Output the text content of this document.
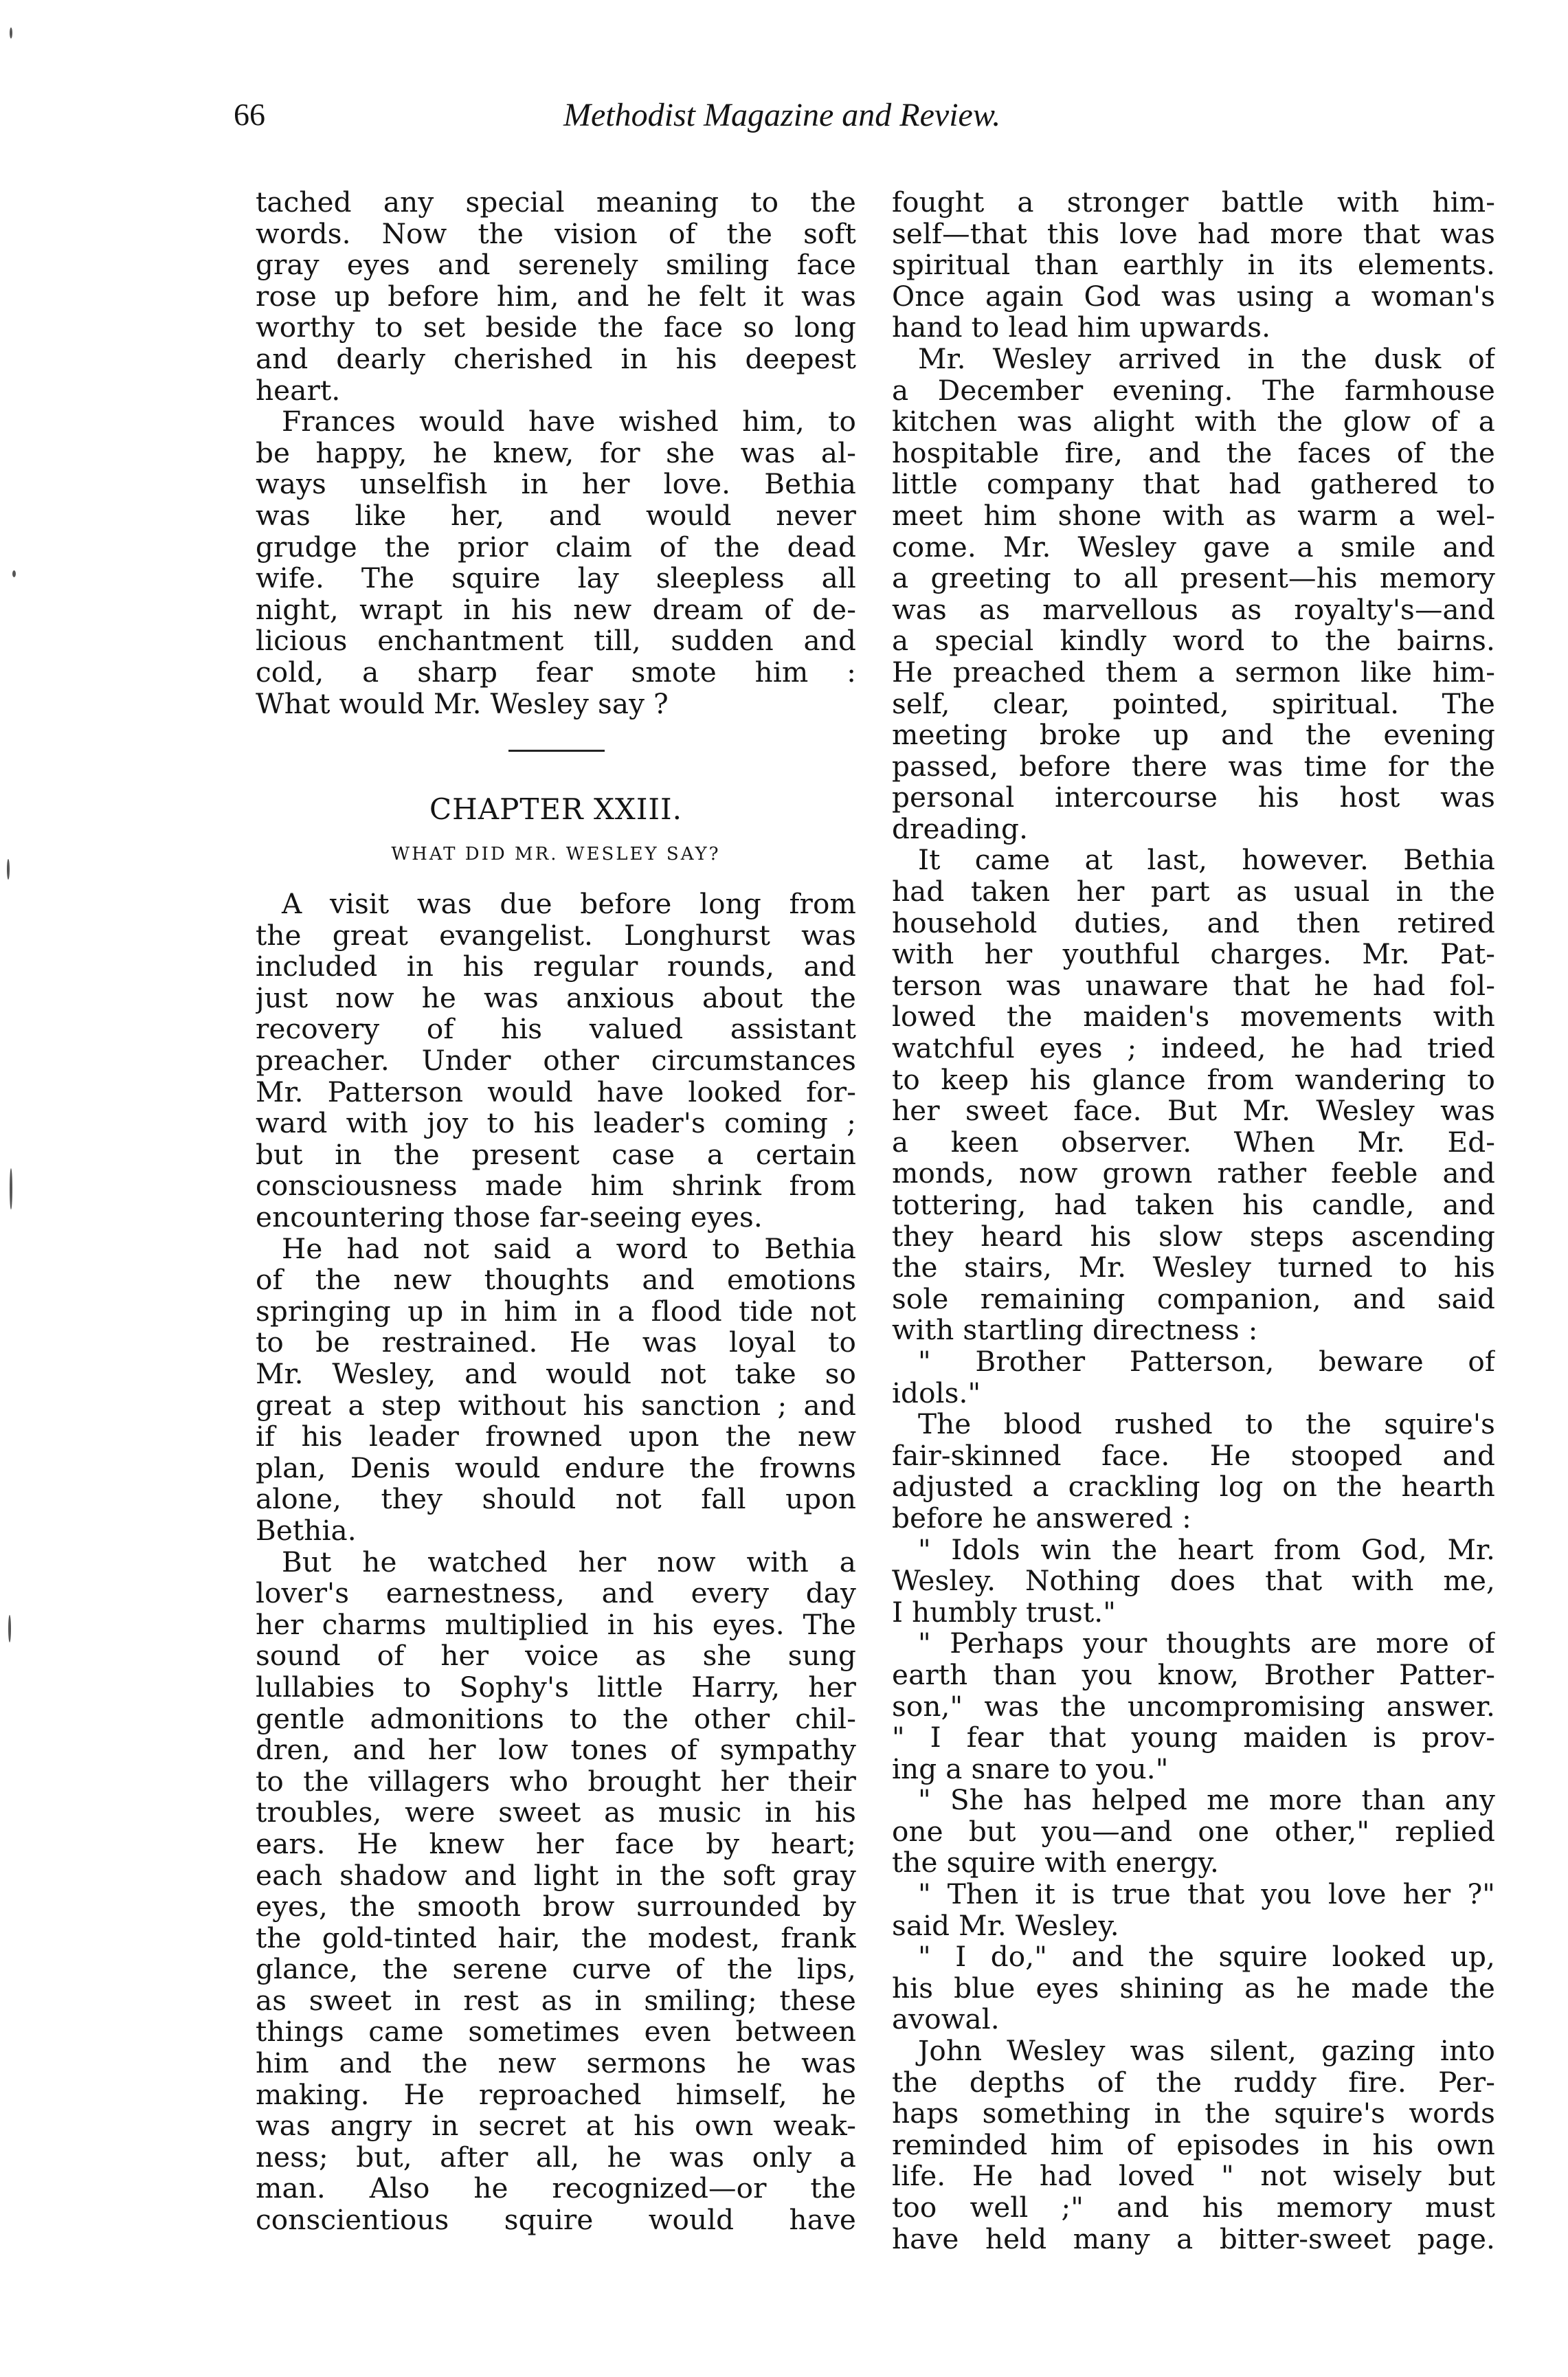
66	Methodist Magazine and Review.
tached any special meaning to the
words. Now the vision of the soft
gray eyes and serenely smiling face
rose up before him, and he felt it was
worthy to set beside the face so long
and dearly cherished in his deepest
heart.
Frances would have wished him, to
be happy, he knew, for she was al-
ways unselfish in her love. Bethia
was like her, and would never
grudge the prior claim of the dead
wife. The squire lay sleepless all
night, wrapt in his new dream of de-
licious enchantment till, sudden and
cold, a sharp fear smote him :
What would Mr. Wesley say ?
CHAPTER XXIII.
WHAT DID MR. WESLEY SAY?
A visit was due before long from
the great evangelist. Longhurst was
included in his regular rounds, and
just now he was anxious about the
recovery of his valued assistant
preacher. Under other circumstances
Mr. Patterson would have looked for-
ward with joy to his leader's coming ;
but in the present case a certain
consciousness made him shrink from
encountering those far-seeing eyes.
He had not said a word to Bethia
of the new thoughts and emotions
springing up in him in a flood tide not
to be restrained. He was loyal to
Mr. Wesley, and would not take so
great a step without his sanction ; and
if his leader frowned upon the new
plan, Denis would endure the frowns
alone, they should not fall upon
Bethia.
But he watched her now with a
lover's earnestness, and every day
her charms multiplied in his eyes. The
sound of her voice as she sung
lullabies to Sophy's little Harry, her
gentle admonitions to the other chil-
dren, and her low tones of sympathy
to the villagers who brought her their
troubles, were sweet as music in his
ears. He knew her face by heart;
each shadow and light in the soft gray
eyes, the smooth brow surrounded by
the gold-tinted hair, the modest, frank
glance, the serene curve of the lips,
as sweet in rest as in smiling; these
things came sometimes even between
him and the new sermons he was
making. He reproached himself, he
was angry in secret at his own weak-
ness; but, after all, he was only a
man. Also he recognized—or the
conscientious squire would have
fought a stronger battle with him-
self—that this love had more that was
spiritual than earthly in its elements.
Once again God was using a woman's
hand to lead him upwards.
Mr. Wesley arrived in the dusk of
a December evening. The farmhouse
kitchen was alight with the glow of a
hospitable fire, and the faces of the
little company that had gathered to
meet him shone with as warm a wel-
come. Mr. Wesley gave a smile and
a greeting to all present—his memory
was as marvellous as royalty's—and
a special kindly word to the bairns.
He preached them a sermon like him-
self, clear, pointed, spiritual. The
meeting broke up and the evening
passed, before there was time for the
personal intercourse his host was
dreading.
It came at last, however. Bethia
had taken her part as usual in the
household duties, and then retired
with her youthful charges. Mr. Pat-
terson was unaware that he had fol-
lowed the maiden's movements with
watchful eyes ; indeed, he had tried
to keep his glance from wandering to
her sweet face. But Mr. Wesley was
a keen observer. When Mr. Ed-
monds, now grown rather feeble and
tottering, had taken his candle, and
they heard his slow steps ascending
the stairs, Mr. Wesley turned to his
sole remaining companion, and said
with startling directness :
" Brother Patterson, beware of
idols."
The blood rushed to the squire's
fair-skinned face. He stooped and
adjusted a crackling log on the hearth
before he answered :
" Idols win the heart from God, Mr.
Wesley. Nothing does that with me,
I humbly trust."
" Perhaps your thoughts are more of
earth than you know, Brother Patter-
son," was the uncompromising answer.
" I fear that young maiden is prov-
ing a snare to you."
" She has helped me more than any
one but you—and one other," replied
the squire with energy.
" Then it is true that you love her ?"
said Mr. Wesley.
" I do," and the squire looked up,
his blue eyes shining as he made the
avowal.
John Wesley was silent, gazing into
the depths of the ruddy fire. Per-
haps something in the squire's words
reminded him of episodes in his own
life. He had loved " not wisely but
too well ;" and his memory must
have held many a bitter-sweet page.
